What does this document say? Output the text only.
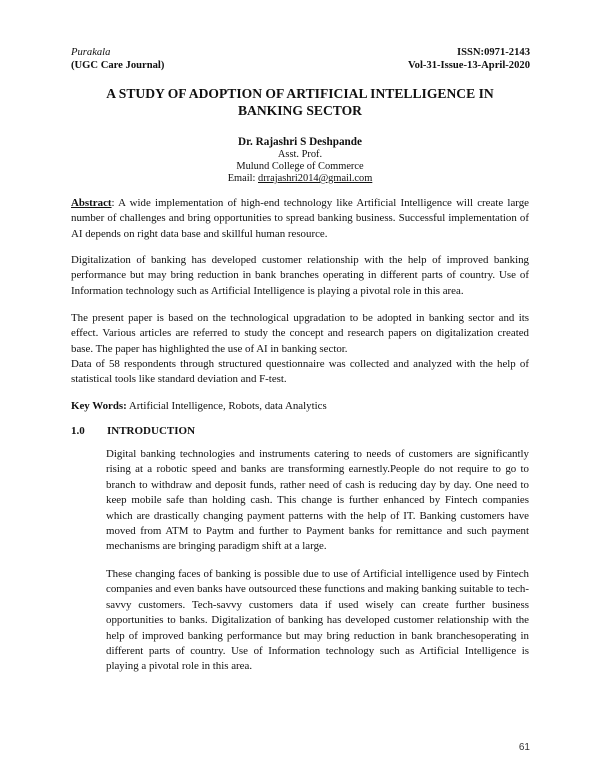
Purakala	ISSN:0971-2143
(UGC Care Journal)	Vol-31-Issue-13-April-2020
A STUDY OF ADOPTION OF ARTIFICIAL INTELLIGENCE IN
BANKING SECTOR
Dr. Rajashri S Deshpande
Asst. Prof.
Mulund College of Commerce
Email: drrajashri2014@gmail.com

Abstract: A wide implementation of high-end technology like Artificial Intelligence will create large number of challenges and bring opportunities to spread banking business. Successful implementation of AI depends on right data base and skillful human resource.

Digitalization of banking has developed customer relationship with the help of improved banking performance but may bring reduction in bank branches operating in different parts of country. Use of Information technology such as Artificial Intelligence is playing a pivotal role in this area.

The present paper is based on the technological upgradation to be adopted in banking sector and its effect. Various articles are referred to study the concept and research papers on digitalization created base. The paper has highlighted the use of AI in banking sector.

Data of 58 respondents through structured questionnaire was collected and analyzed with the help of statistical tools like standard deviation and F-test.

Key Words: Artificial Intelligence, Robots, data Analytics

1.0 INTRODUCTION

Digital banking technologies and instruments catering to needs of customers are significantly rising at a robotic speed and banks are transforming earnestly.People do not require to go to branch to withdraw and deposit funds, rather need of cash is reducing day by day. One need to keep mobile safe than holding cash. This change is further enhanced by Fintech companies which are drastically changing payment patterns with the help of IT. Banking customers have moved from ATM to Paytm and further to Payment banks for remittance and such payment mechanisms are bringing paradigm shift at a large.

These changing faces of banking is possible due to use of Artificial intelligence used by Fintech companies and even banks have outsourced these functions and making banking suitable to tech- savvy customers. Tech-savvy customers data if used wisely can create further business opportunities to banks. Digitalization of banking has developed customer relationship with the help of improved banking performance but may bring reduction in bank branchesoperating in different parts of country. Use of Information technology such as Artificial Intelligence is playing a pivotal role in this area.

61
